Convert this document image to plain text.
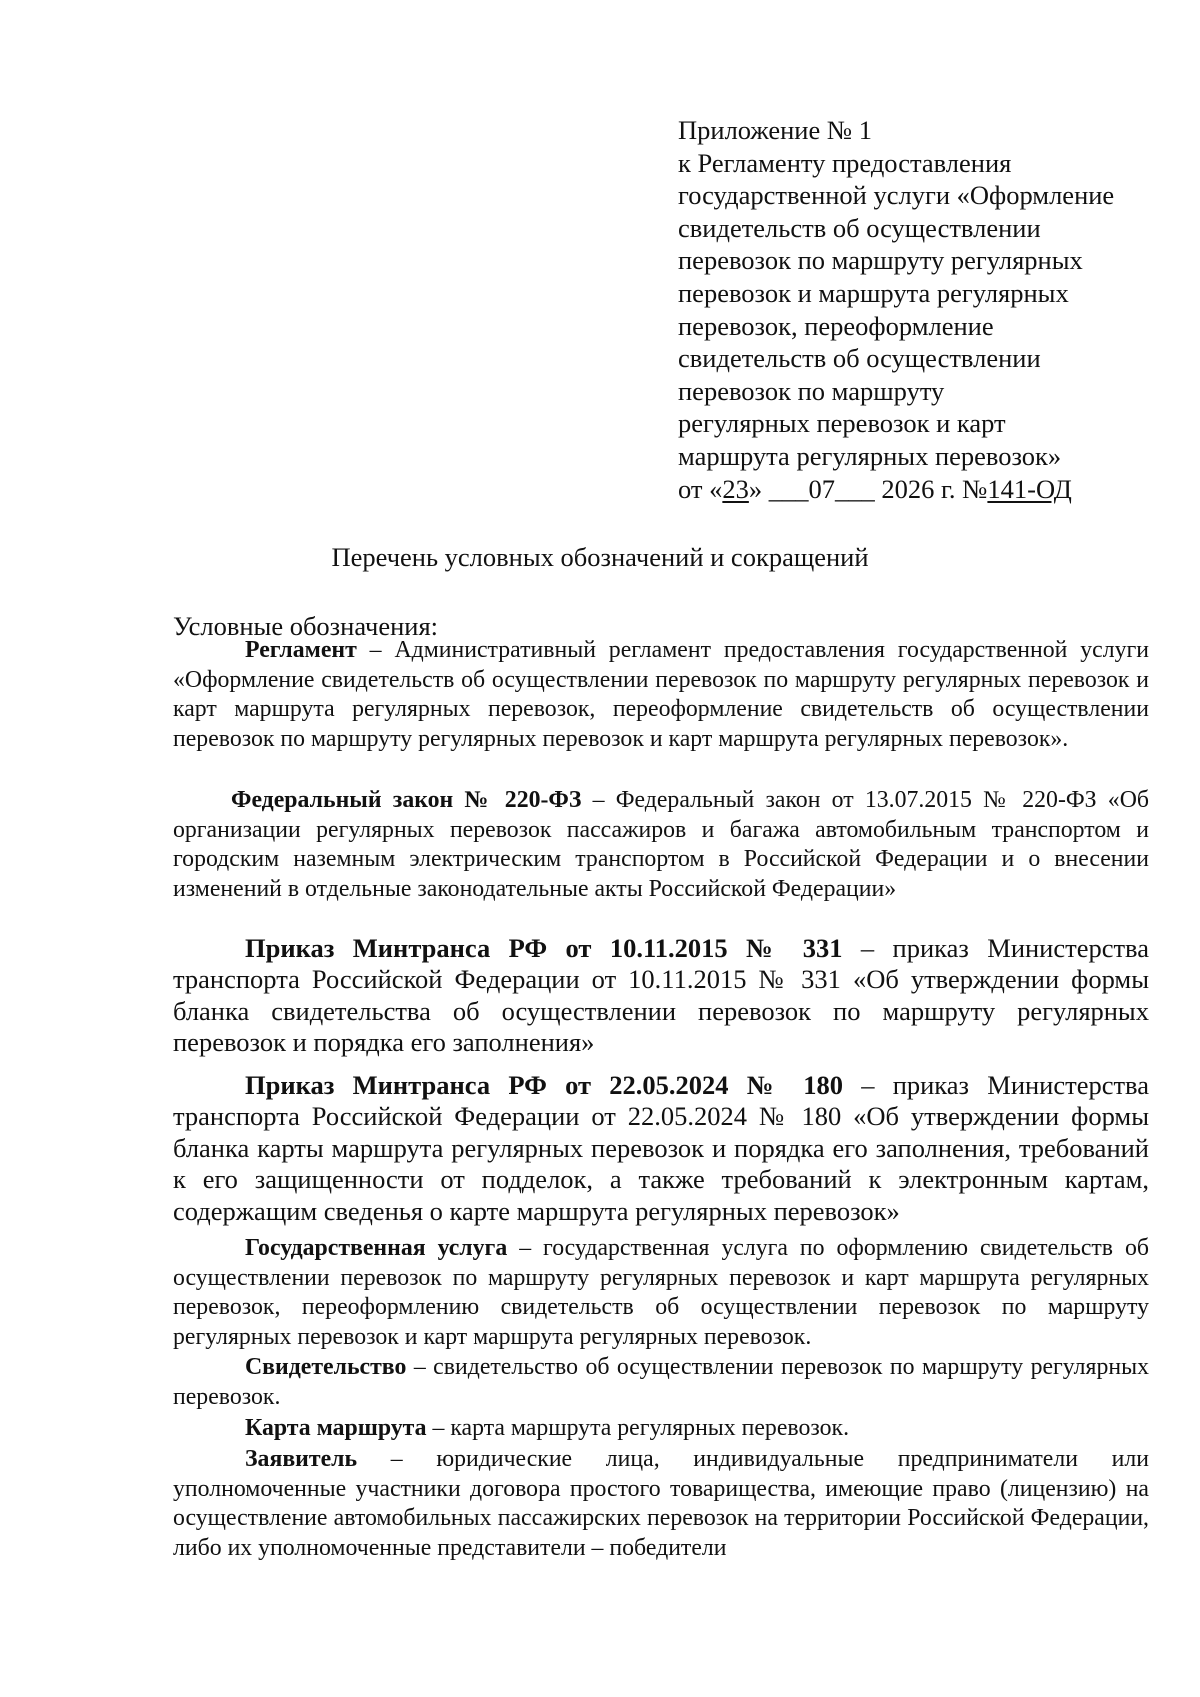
Приложение № 1
к Регламенту предоставления
государственной услуги «Оформление
свидетельств об осуществлении
перевозок по маршруту регулярных
перевозок и маршрута регулярных
перевозок, переоформление
свидетельств об осуществлении
перевозок по маршруту
регулярных перевозок и карт
маршрута регулярных перевозок»
от «23» ___07___ 2026 г. №141-ОД
Перечень условных обозначений и сокращений
Условные обозначения:

Регламент – Административный регламент предоставления государственной услуги «Оформление свидетельств об осуществлении перевозок по маршруту регулярных перевозок и карт маршрута регулярных перевозок, переоформление свидетельств об осуществлении перевозок по маршруту регулярных перевозок и карт маршрута регулярных перевозок».

Федеральный закон № 220-ФЗ – Федеральный закон от 13.07.2015 № 220-ФЗ «Об организации регулярных перевозок пассажиров и багажа автомобильным транспортом и городским наземным электрическим транспортом в Российской Федерации и о внесении изменений в отдельные законодательные акты Российской Федерации»

Приказ Минтранса РФ от 10.11.2015 № 331 – приказ Министерства транспорта Российской Федерации от 10.11.2015 № 331 «Об утверждении формы бланка свидетельства об осуществлении перевозок по маршруту регулярных перевозок и порядка его заполнения»

Приказ Минтранса РФ от 22.05.2024 № 180 – приказ Министерства транспорта Российской Федерации от 22.05.2024 № 180 «Об утверждении формы бланка карты маршрута регулярных перевозок и порядка его заполнения, требований к его защищенности от подделок, а также требований к электронным картам, содержащим сведенья о карте маршрута регулярных перевозок»

Государственная услуга – государственная услуга по оформлению свидетельств об осуществлении перевозок по маршруту регулярных перевозок и карт маршрута регулярных перевозок, переоформлению свидетельств об осуществлении перевозок по маршруту регулярных перевозок и карт маршрута регулярных перевозок.

Свидетельство – свидетельство об осуществлении перевозок по маршруту регулярных перевозок.

Карта маршрута – карта маршрута регулярных перевозок.

Заявитель – юридические лица, индивидуальные предприниматели или уполномоченные участники договора простого товарищества, имеющие право (лицензию) на осуществление автомобильных пассажирских перевозок на территории Российской Федерации, либо их уполномоченные представители – победители
